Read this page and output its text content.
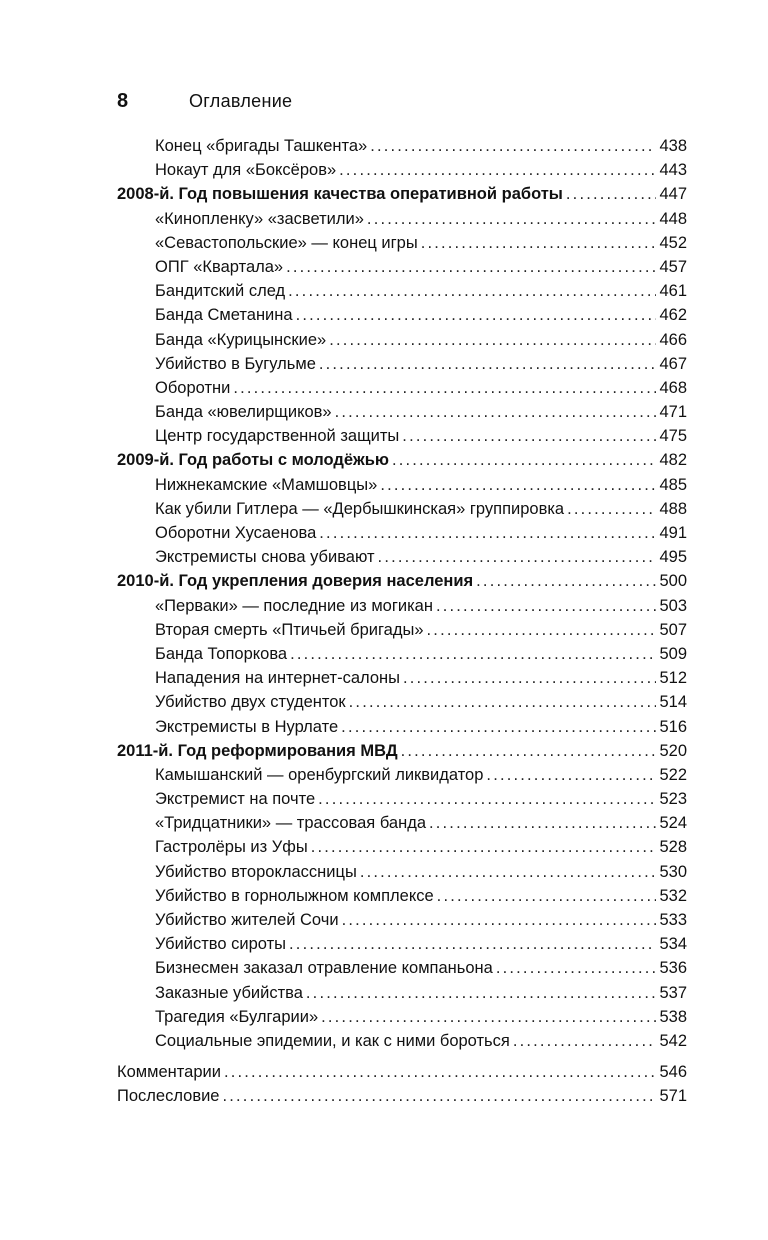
8	Оглавление
Конец «бригады Ташкента» . . .	438
Нокаут для «Боксёров» . . .	443
2008-й. Год повышения качества оперативной работы . . .	447
«Кинопленку» «засветили» . . .	448
«Севастопольские» — конец игры . . .	452
ОПГ «Квартала» . . .	457
Бандитский след . . .	461
Банда Сметанина . . .	462
Банда «Курицынские» . . .	466
Убийство в Бугульме . . .	467
Оборотни . . .	468
Банда «ювелирщиков» . . .	471
Центр государственной защиты . . .	475
2009-й. Год работы с молодёжью . . .	482
Нижнекамские «Мамшовцы» . . .	485
Как убили Гитлера — «Дербышкинская» группировка . . .	488
Оборотни Хусаенова . . .	491
Экстремисты снова убивают . . .	495
2010-й. Год укрепления доверия населения . . .	500
«Перваки» — последние из могикан . . .	503
Вторая смерть «Птичьей бригады» . . .	507
Банда Топоркова . . .	509
Нападения на интернет-салоны . . .	512
Убийство двух студенток . . .	514
Экстремисты в Нурлате . . .	516
2011-й. Год реформирования МВД . . .	520
Камышанский — оренбургский ликвидатор . . .	522
Экстремист на почте . . .	523
«Тридцатники» — трассовая банда . . .	524
Гастролёры из Уфы . . .	528
Убийство второклассницы . . .	530
Убийство в горнолыжном комплексе . . .	532
Убийство жителей Сочи . . .	533
Убийство сироты . . .	534
Бизнесмен заказал отравление компаньона . . .	536
Заказные убийства . . .	537
Трагедия «Булгарии» . . .	538
Социальные эпидемии, и как с ними бороться . . .	542
Комментарии . . .	546
Послесловие . . .	571
